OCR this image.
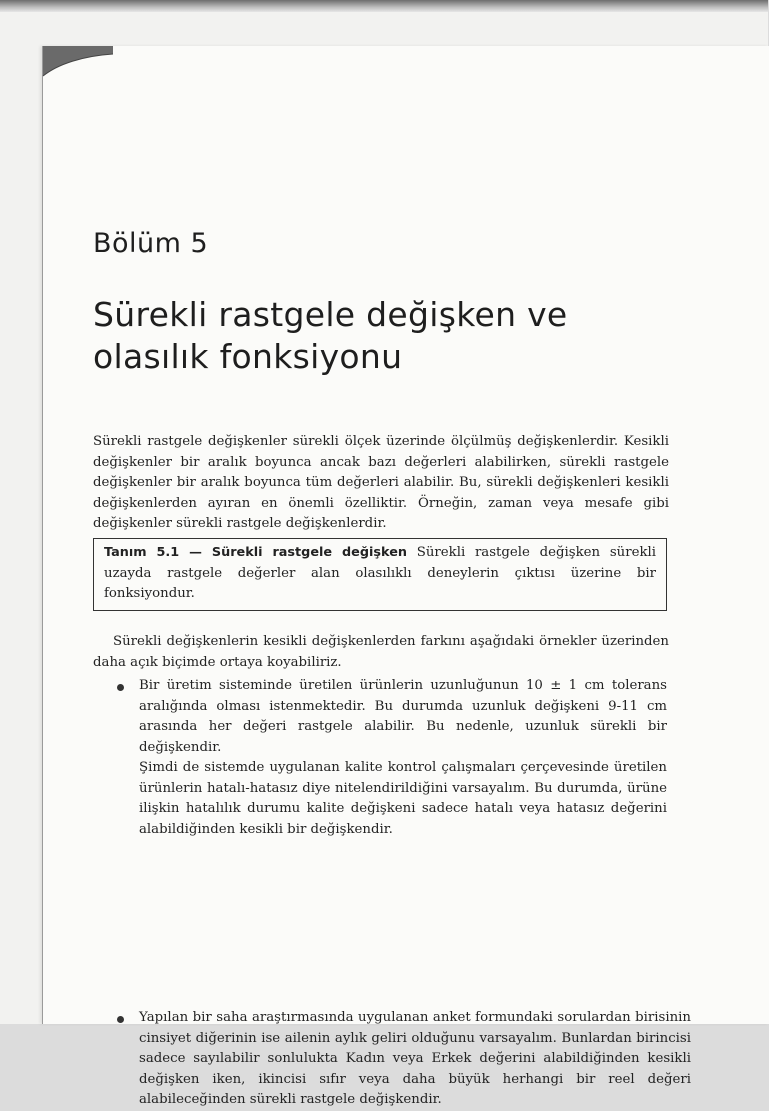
Bölüm 5
Sürekli rastgele değişken ve olasılık fonksiyonu

Sürekli rastgele değişkenler sürekli ölçek üzerinde ölçülmüş değişkenlerdir. Kesikli değişkenler bir aralık boyunca ancak bazı değerleri alabilirken, sürekli rastgele değişkenler bir aralık boyunca tüm değerleri alabilir. Bu, sürekli değişkenleri kesikli değişkenlerden ayıran en önemli özelliktir. Örneğin, zaman veya mesafe gibi değişkenler sürekli rastgele değişkenlerdir.

Tanım 5.1 — Sürekli rastgele değişken Sürekli rastgele değişken sürekli uzayda rastgele değerler alan olasılıklı deneylerin çıktısı üzerine bir fonksiyondur.

Sürekli değişkenlerin kesikli değişkenlerden farkını aşağıdaki örnekler üzerinden daha açık biçimde ortaya koyabiliriz.

Bir üretim sisteminde üretilen ürünlerin uzunluğunun 10 ± 1 cm tolerans aralığında olması istenmektedir. Bu durumda uzunluk değişkeni 9-11 cm arasında her değeri rastgele alabilir. Bu nedenle, uzunluk sürekli bir değişkendir.

Şimdi de sistemde uygulanan kalite kontrol çalışmaları çerçevesinde üretilen ürünlerin hatalı-hatasız diye nitelendirildiğini varsayalım. Bu durumda, ürüne ilişkin hatalılık durumu kalite değişkeni sadece hatalı veya hatasız değerini alabildiğinden kesikli bir değişkendir.

Yapılan bir saha araştırmasında uygulanan anket formundaki sorulardan birisinin cinsiyet diğerinin ise ailenin aylık geliri olduğunu varsayalım. Bunlardan birincisi sadece sayılabilir sonlulukta Kadın veya Erkek değerini alabildiğinden kesikli değişken iken, ikincisi sıfır veya daha büyük herhangi bir reel değeri alabileceğinden sürekli rastgele değişkendir.
